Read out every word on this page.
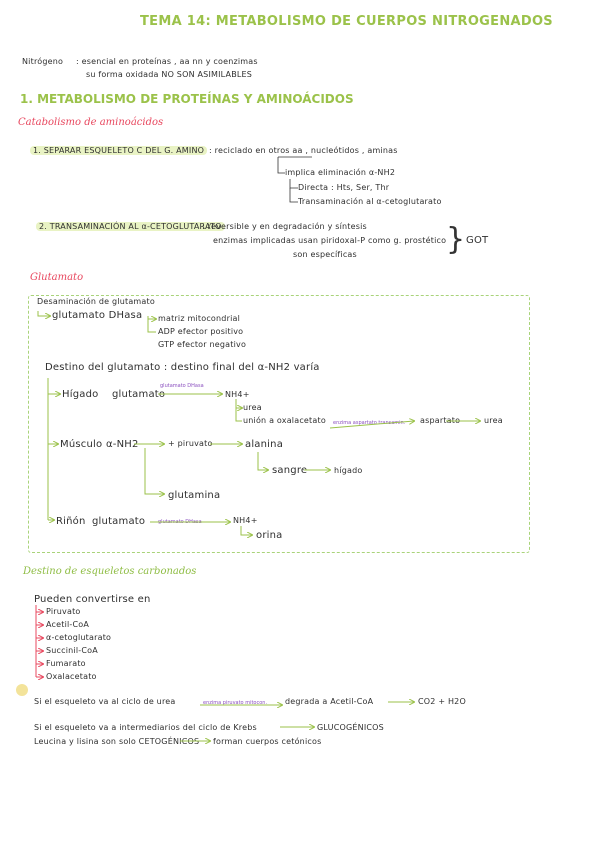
TEMA 14: METABOLISMO DE CUERPOS NITROGENADOS
Nitrógeno : esencial en proteínas , aa nn y coenzimas
su forma oxidada NO SON ASIMILABLES
1. METABOLISMO DE PROTEÍNAS Y AMINOÁCIDOS
Catabolismo de aminoácidos
1. SEPARAR ESQUELETO C DEL G. AMINO : reciclado en otros aa , nucleótidos , aminas
implica eliminación α-NH2
Directa : Hts, Ser, Thr
Transaminación al α-cetoglutarato
2. TRANSAMINACIÓN AL α-CETOGLUTARATO
: reversible y en degradación y síntesis
enzimas implicadas usan piridoxal-P como g. prostético
son específicas	} GOT
Glutamato
Desaminación de glutamato
glutamato DHasa matriz mitocondrial
ADP efector positivo
GTP efector negativo
Destino del glutamato : destino final del α-NH2 varía
Hígado glutamato
glutamato DHasa
NH4+
urea
unión a oxalacetato enzima aspartato transamin. aspartato	urea
Músculo α-NH2	+ piruvato	alanina
sangre	hígado
glutamina
Riñón glutamato	glutamato DHasa	NH4+
orina
Destino de esqueletos carbonados
Pueden convertirse en
Piruvato
Acetil-CoA
α-cetoglutarato
Succinil-CoA
Fumarato
Oxalacetato
Si el esqueleto va al ciclo de urea	enzima piruvato mitocon. degrada a Acetil-CoA	CO2 + H2O
Si el esqueleto va a intermediarios del ciclo de Krebs	GLUCOGÉNICOS
Leucina y lisina son solo CETOGÉNICOS forman cuerpos cetónicos
